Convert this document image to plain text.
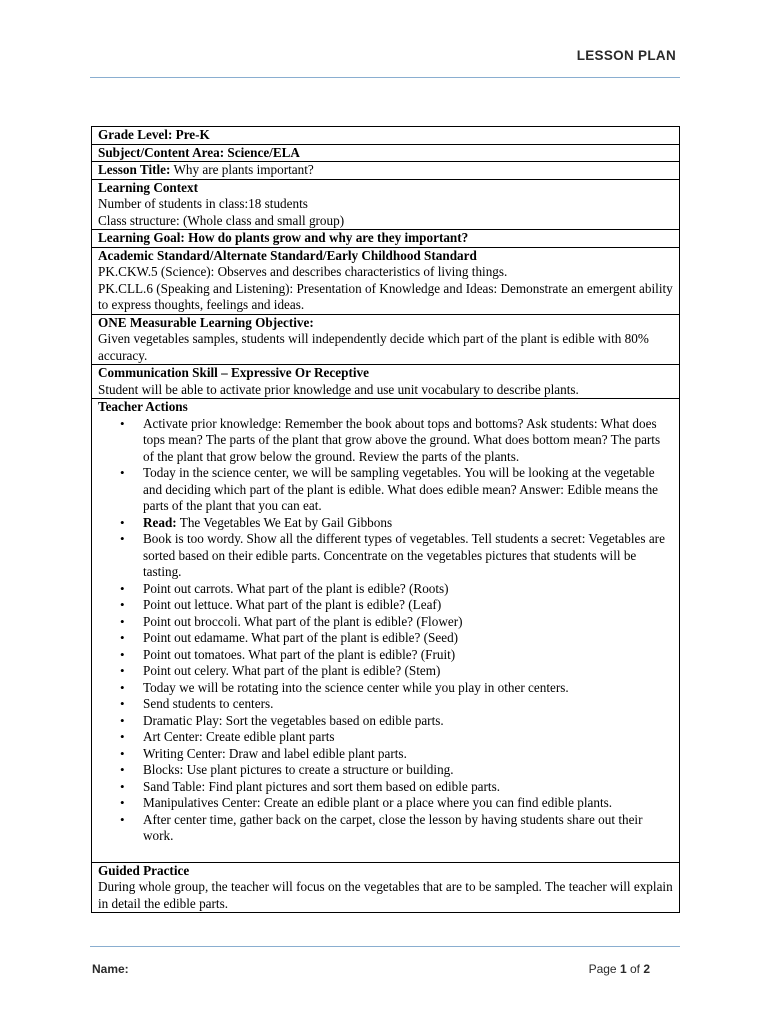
LESSON PLAN
Grade Level: Pre-K
Subject/Content Area: Science/ELA
Lesson Title: Why are plants important?

Learning Context
Number of students in class:18 students
Class structure: (Whole class and small group)

Learning Goal: How do plants grow and why are they important?

Academic Standard/Alternate Standard/Early Childhood Standard
PK.CKW.5 (Science): Observes and describes characteristics of living things.
PK.CLL.6 (Speaking and Listening): Presentation of Knowledge and Ideas: Demonstrate an emergent ability to express thoughts, feelings and ideas.

ONE Measurable Learning Objective:
Given vegetables samples, students will independently decide which part of the plant is edible with 80% accuracy.

Communication Skill – Expressive Or Receptive
Student will be able to activate prior knowledge and use unit vocabulary to describe plants.

Teacher Actions
• Activate prior knowledge: Remember the book about tops and bottoms? Ask students: What does tops mean? The parts of the plant that grow above the ground. What does bottom mean? The parts of the plant that grow below the ground. Review the parts of the plants.
• Today in the science center, we will be sampling vegetables. You will be looking at the vegetable and deciding which part of the plant is edible. What does edible mean? Answer: Edible means the parts of the plant that you can eat.
• Read: The Vegetables We Eat by Gail Gibbons
• Book is too wordy. Show all the different types of vegetables. Tell students a secret: Vegetables are sorted based on their edible parts. Concentrate on the vegetables pictures that students will be tasting.
• Point out carrots. What part of the plant is edible? (Roots)
• Point out lettuce. What part of the plant is edible? (Leaf)
• Point out broccoli. What part of the plant is edible? (Flower)
• Point out edamame. What part of the plant is edible? (Seed)
• Point out tomatoes. What part of the plant is edible? (Fruit)
• Point out celery. What part of the plant is edible? (Stem)
• Today we will be rotating into the science center while you play in other centers.
• Send students to centers.
• Dramatic Play: Sort the vegetables based on edible parts.
• Art Center: Create edible plant parts
• Writing Center: Draw and label edible plant parts.
• Blocks: Use plant pictures to create a structure or building.
• Sand Table: Find plant pictures and sort them based on edible parts.
• Manipulatives Center: Create an edible plant or a place where you can find edible plants.
• After center time, gather back on the carpet, close the lesson by having students share out their work.

Guided Practice
During whole group, the teacher will focus on the vegetables that are to be sampled. The teacher will explain in detail the edible parts.
Name:	Page 1 of 2
